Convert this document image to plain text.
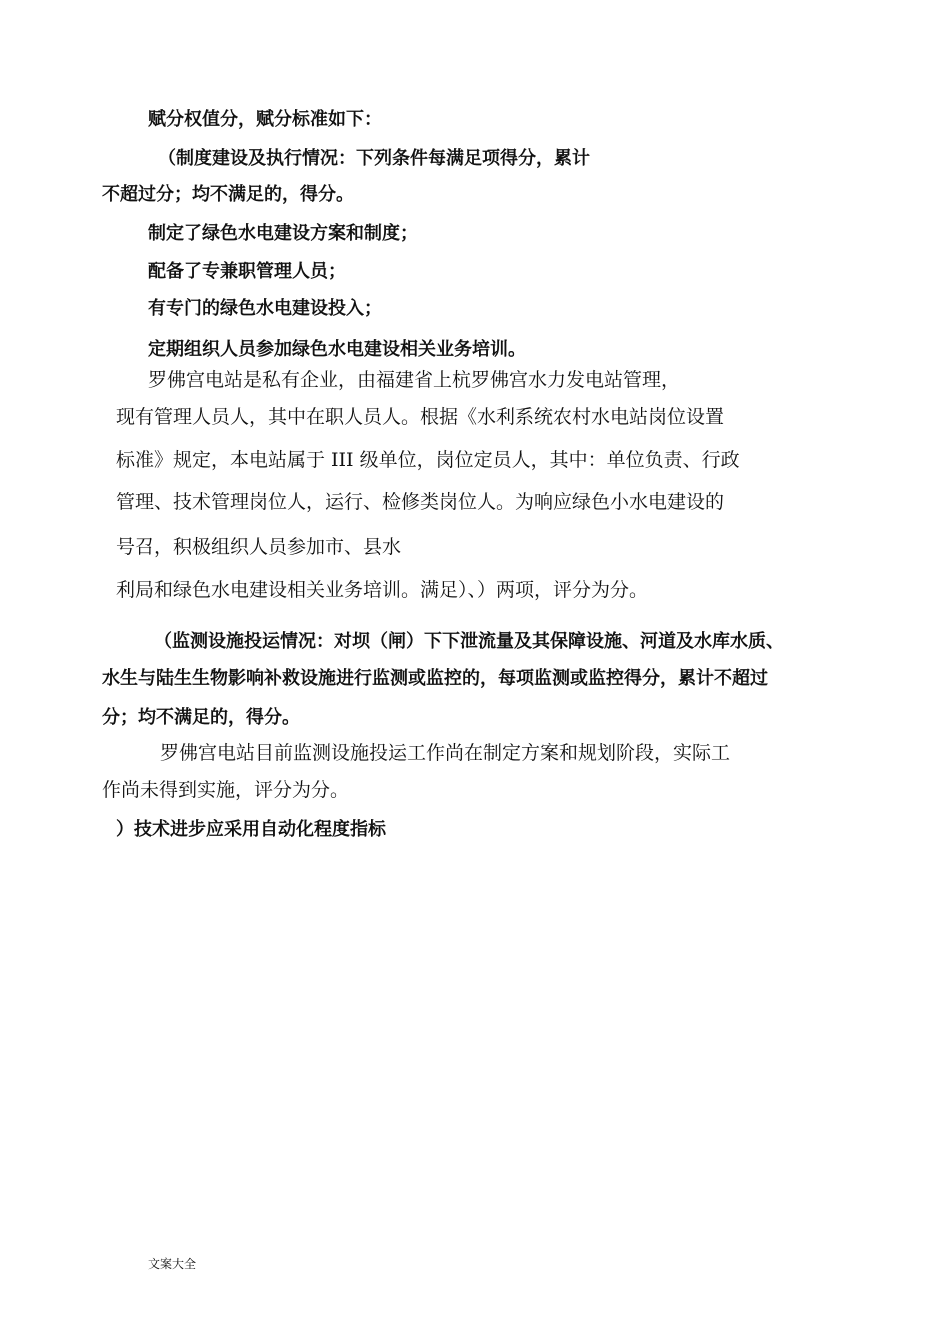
赋分权值分，赋分标准如下：
（制度建设及执行情况：下列条件每满足项得分，累计
不超过分；均不满足的，得分。
制定了绿色水电建设方案和制度；
配备了专兼职管理人员；
有专门的绿色水电建设投入；
定期组织人员参加绿色水电建设相关业务培训。
罗佛宫电站是私有企业，由福建省上杭罗佛宫水力发电站管理，
现有管理人员人，其中在职人员人。根据《水利系统农村水电站岗位设置
标准》规定，本电站属于 III 级单位，岗位定员人，其中：单位负责、行政
管理、技术管理岗位人，运行、检修类岗位人。为响应绿色小水电建设的
号召，积极组织人员参加市、县水
利局和绿色水电建设相关业务培训。满足）、）两项，评分为分。
（监测设施投运情况：对坝（闸）下下泄流量及其保障设施、河道及水库水质、
水生与陆生生物影响补救设施进行监测或监控的，每项监测或监控得分，累计不超过
分；均不满足的，得分。
罗佛宫电站目前监测设施投运工作尚在制定方案和规划阶段，实际工
作尚未得到实施，评分为分。
）技术进步应采用自动化程度指标
文案大全
